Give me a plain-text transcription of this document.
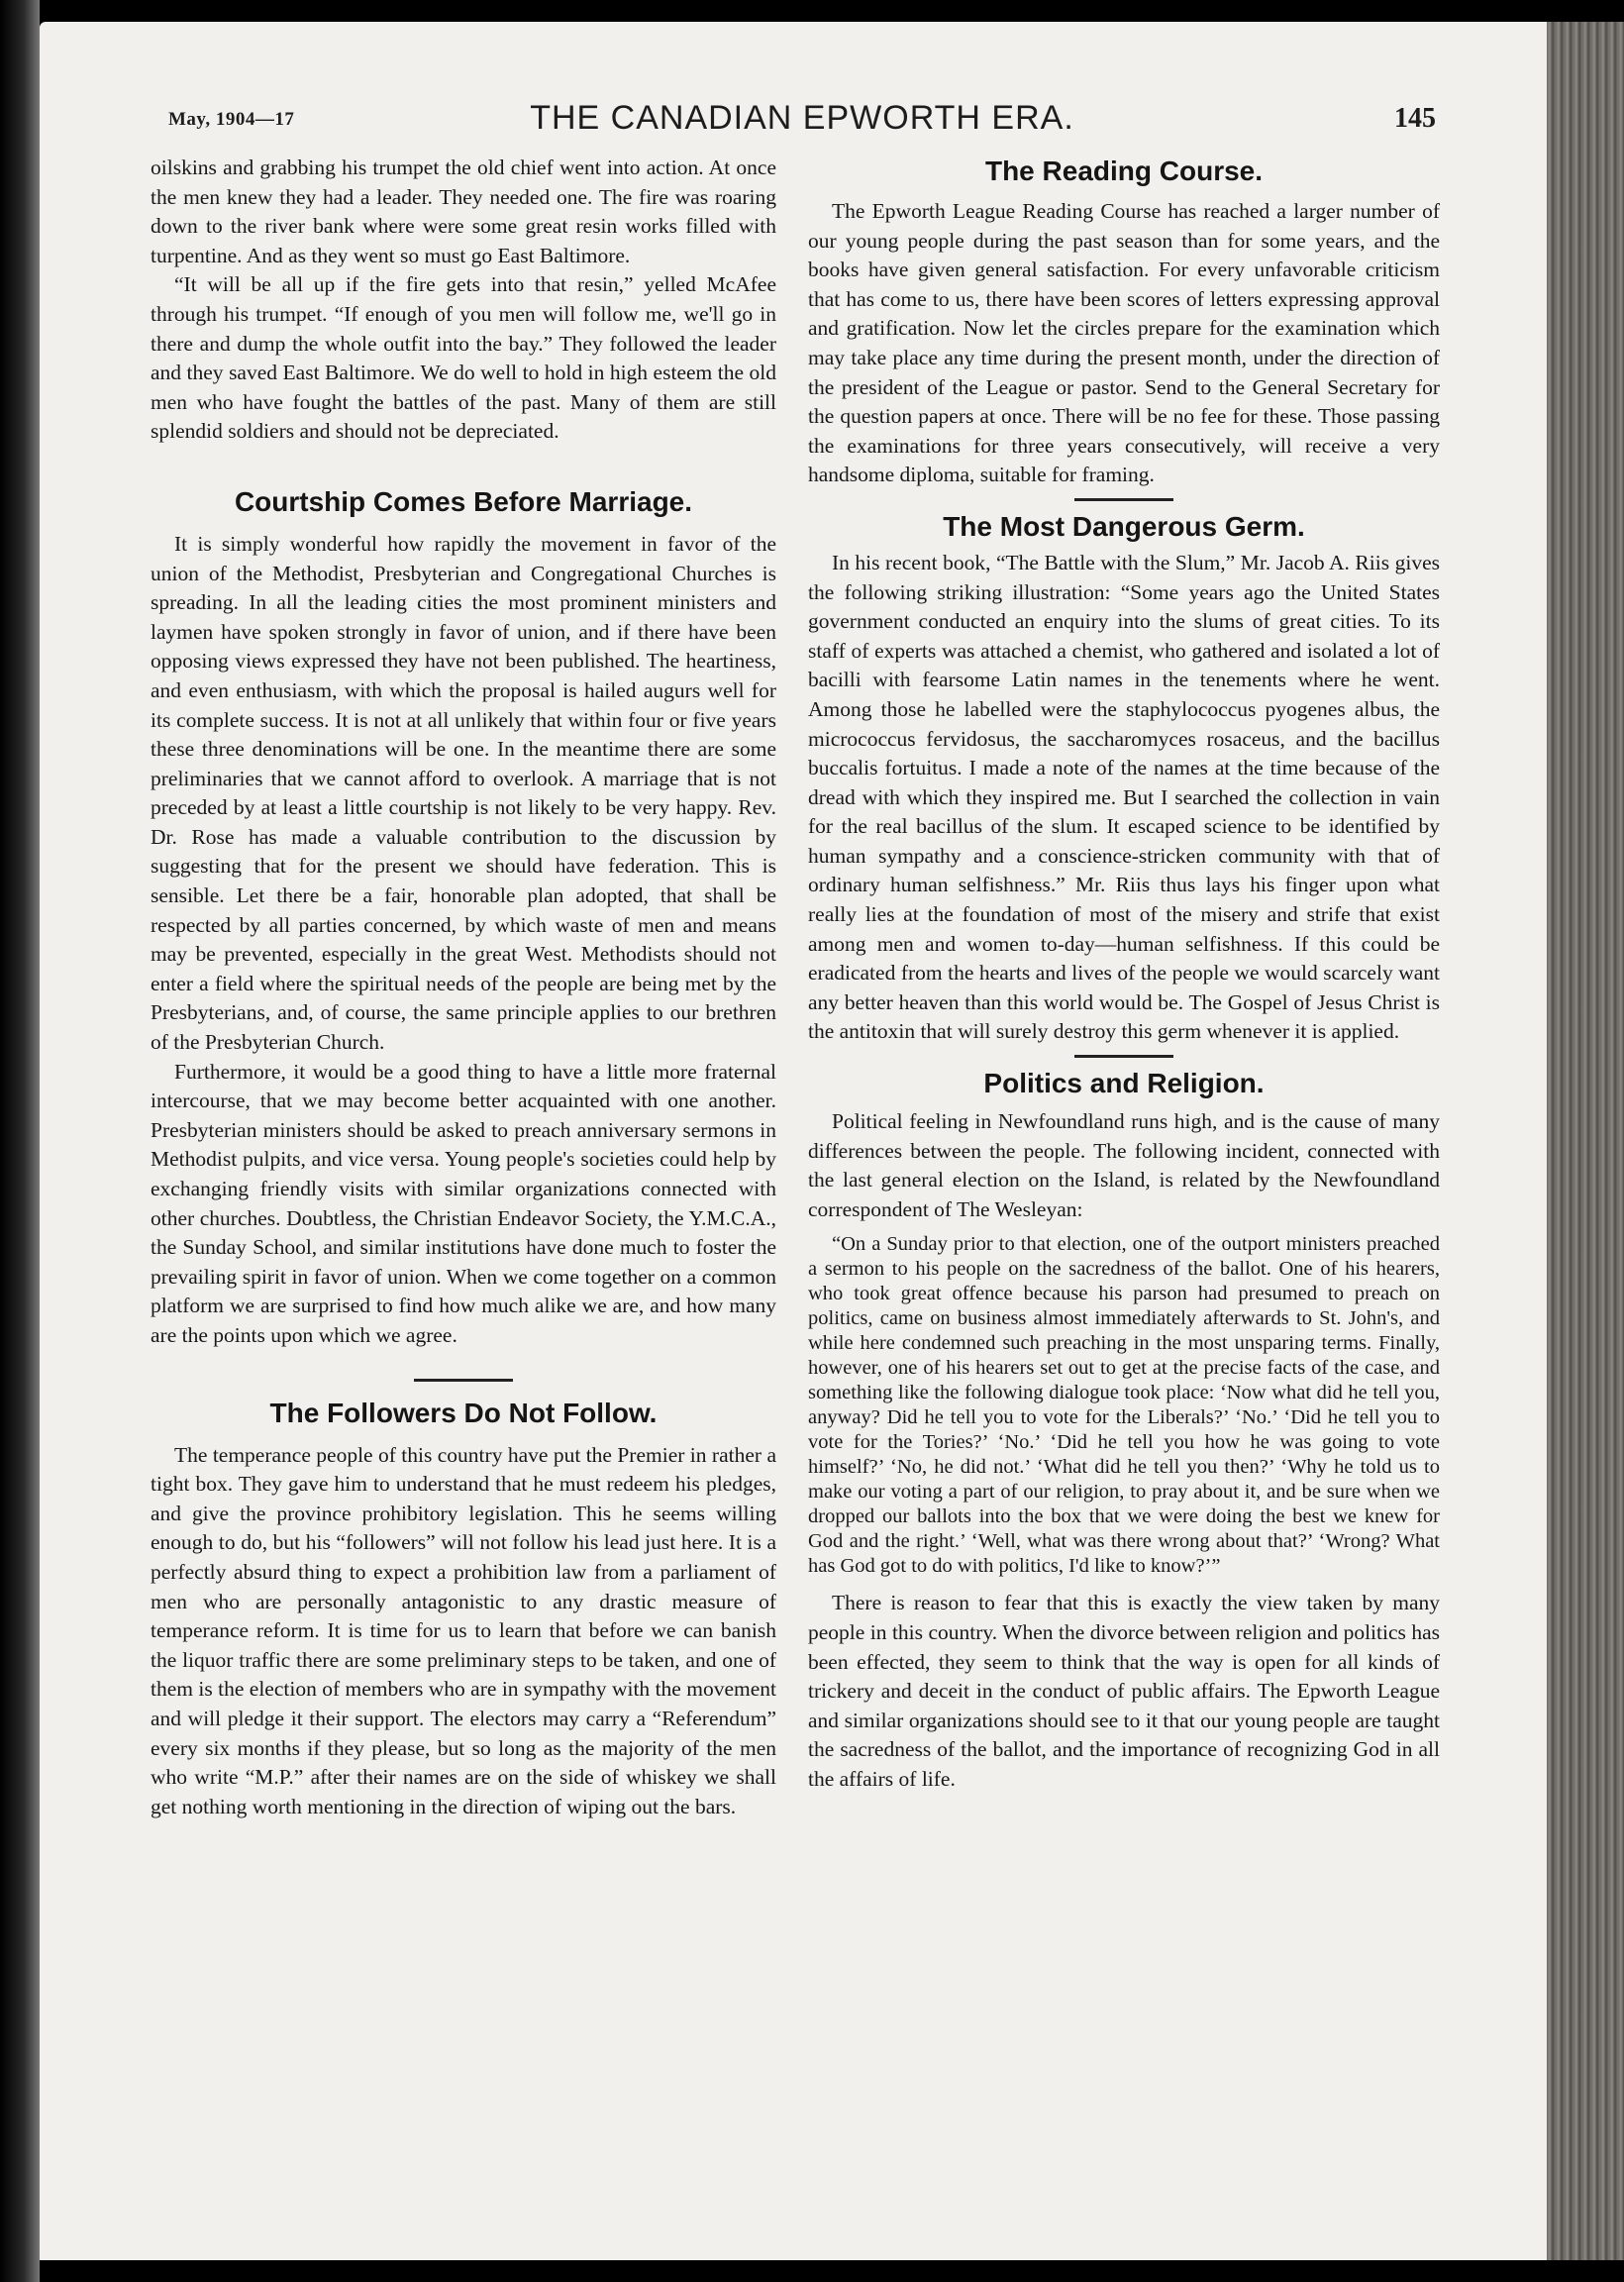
May, 1904—17	THE CANADIAN EPWORTH ERA.	145

oilskins and grabbing his trumpet the old chief went into action. At once the men knew they had a leader. They needed one. The fire was roaring down to the river bank where were some great resin works filled with turpentine. And as they went so must go East Baltimore.

“It will be all up if the fire gets into that resin,” yelled McAfee through his trumpet. “If enough of you men will follow me, we'll go in there and dump the whole outfit into the bay.” They followed the leader and they saved East Baltimore. We do well to hold in high esteem the old men who have fought the battles of the past. Many of them are still splendid soldiers and should not be depreciated.

Courtship Comes Before Marriage.

It is simply wonderful how rapidly the movement in favor of the union of the Methodist, Presbyterian and Congregational Churches is spreading. In all the leading cities the most prominent ministers and laymen have spoken strongly in favor of union, and if there have been opposing views expressed they have not been published. The heartiness, and even enthusiasm, with which the proposal is hailed augurs well for its complete success. It is not at all unlikely that within four or five years these three denominations will be one. In the meantime there are some preliminaries that we cannot afford to overlook. A marriage that is not preceded by at least a little courtship is not likely to be very happy. Rev. Dr. Rose has made a valuable contribution to the discussion by suggesting that for the present we should have federation. This is sensible. Let there be a fair, honorable plan adopted, that shall be respected by all parties concerned, by which waste of men and means may be prevented, especially in the great West. Methodists should not enter a field where the spiritual needs of the people are being met by the Presbyterians, and, of course, the same principle applies to our brethren of the Presbyterian Church.

Furthermore, it would be a good thing to have a little more fraternal intercourse, that we may become better acquainted with one another. Presbyterian ministers should be asked to preach anniversary sermons in Methodist pulpits, and vice versa. Young people's societies could help by exchanging friendly visits with similar organizations connected with other churches. Doubtless, the Christian Endeavor Society, the Y.M.C.A., the Sunday School, and similar institutions have done much to foster the prevailing spirit in favor of union. When we come together on a common platform we are surprised to find how much alike we are, and how many are the points upon which we agree.

The Followers Do Not Follow.

The temperance people of this country have put the Premier in rather a tight box. They gave him to understand that he must redeem his pledges, and give the province prohibitory legislation. This he seems willing enough to do, but his “followers” will not follow his lead just here. It is a perfectly absurd thing to expect a prohibition law from a parliament of men who are personally antagonistic to any drastic measure of temperance reform. It is time for us to learn that before we can banish the liquor traffic there are some preliminary steps to be taken, and one of them is the election of members who are in sympathy with the movement and will pledge it their support. The electors may carry a “Referendum” every six months if they please, but so long as the majority of the men who write “M.P.” after their names are on the side of whiskey we shall get nothing worth mentioning in the direction of wiping out the bars.

The Reading Course.

The Epworth League Reading Course has reached a larger number of our young people during the past season than for some years, and the books have given general satisfaction. For every unfavorable criticism that has come to us, there have been scores of letters expressing approval and gratification. Now let the circles prepare for the examination which may take place any time during the present month, under the direction of the president of the League or pastor. Send to the General Secretary for the question papers at once. There will be no fee for these. Those passing the examinations for three years consecutively, will receive a very handsome diploma, suitable for framing.

The Most Dangerous Germ.

In his recent book, “The Battle with the Slum,” Mr. Jacob A. Riis gives the following striking illustration: “Some years ago the United States government conducted an enquiry into the slums of great cities. To its staff of experts was attached a chemist, who gathered and isolated a lot of bacilli with fearsome Latin names in the tenements where he went. Among those he labelled were the staphylococcus pyogenes albus, the micrococcus fervidosus, the saccharomyces rosaceus, and the bacillus buccalis fortuitus. I made a note of the names at the time because of the dread with which they inspired me. But I searched the collection in vain for the real bacillus of the slum. It escaped science to be identified by human sympathy and a conscience-stricken community with that of ordinary human selfishness.” Mr. Riis thus lays his finger upon what really lies at the foundation of most of the misery and strife that exist among men and women to-day—human selfishness. If this could be eradicated from the hearts and lives of the people we would scarcely want any better heaven than this world would be. The Gospel of Jesus Christ is the antitoxin that will surely destroy this germ whenever it is applied.

Politics and Religion.

Political feeling in Newfoundland runs high, and is the cause of many differences between the people. The following incident, connected with the last general election on the Island, is related by the Newfoundland correspondent of The Wesleyan:

“On a Sunday prior to that election, one of the outport ministers preached a sermon to his people on the sacredness of the ballot. One of his hearers, who took great offence because his parson had presumed to preach on politics, came on business almost immediately afterwards to St. John's, and while here condemned such preaching in the most unsparing terms. Finally, however, one of his hearers set out to get at the precise facts of the case, and something like the following dialogue took place: ‘Now what did he tell you, anyway? Did he tell you to vote for the Liberals?’ ‘No.’ ‘Did he tell you to vote for the Tories?’ ‘No.’ ‘Did he tell you how he was going to vote himself?’ ‘No, he did not.’ ‘What did he tell you then?’ ‘Why he told us to make our voting a part of our religion, to pray about it, and be sure when we dropped our ballots into the box that we were doing the best we knew for God and the right.’ ‘Well, what was there wrong about that?’ ‘Wrong? What has God got to do with politics, I'd like to know?’”

There is reason to fear that this is exactly the view taken by many people in this country. When the divorce between religion and politics has been effected, they seem to think that the way is open for all kinds of trickery and deceit in the conduct of public affairs. The Epworth League and similar organizations should see to it that our young people are taught the sacredness of the ballot, and the importance of recognizing God in all the affairs of life.
